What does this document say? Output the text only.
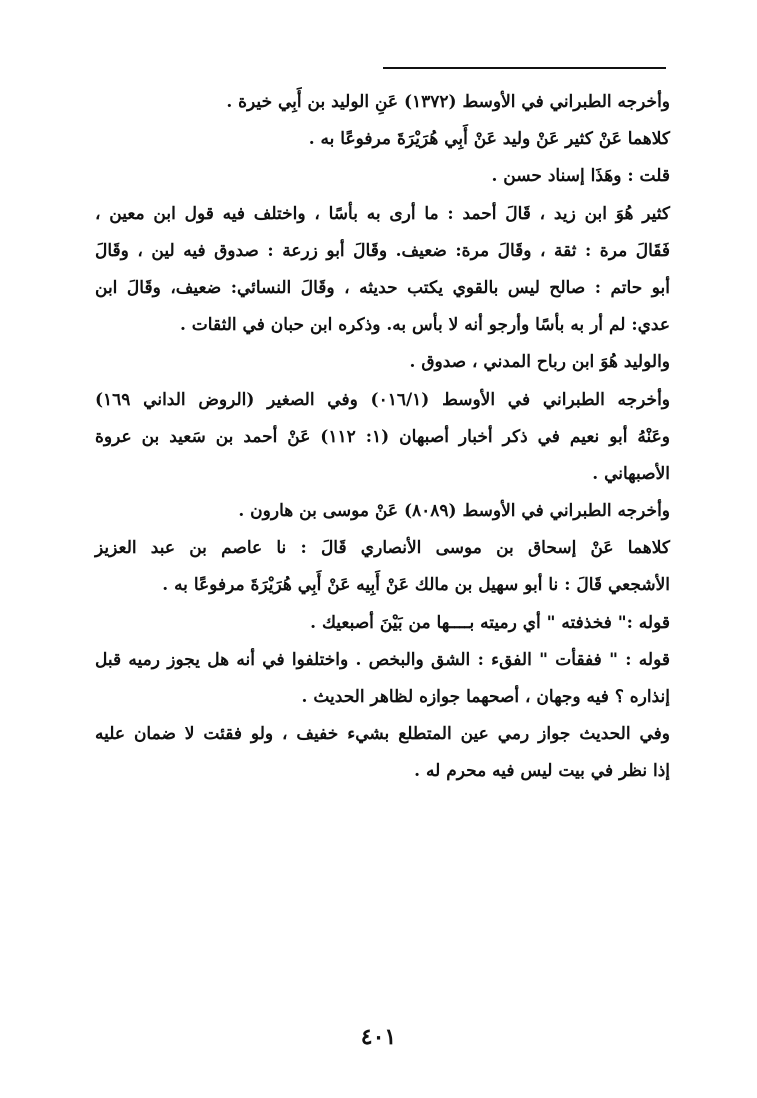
وأخرجه الطبراني في الأوسط (١٣٧٢) عَنِ الوليد بن أَبِي خيرة .
كلاهما عَنْ كثير عَنْ وليد عَنْ أَبِي هُرَيْرَةَ مرفوعًا به .
قلت : وهَذَا إسناد حسن .
كثير هُوَ ابن زيد ، قَالَ أحمد : ما أرى به بأسًا ، واختلف فيه قول ابن معين ،
فَقَالَ مرة : ثقة ، وقَالَ مرة: ضعيف. وقَالَ أبو زرعة : صدوق فيه لين ، وقَالَ
أبو حاتم : صالح ليس بالقوي يكتب حديثه ، وقَالَ النسائي: ضعيف، وقَالَ ابن
عدي: لم أر به بأسًا وأرجو أنه لا بأس به. وذكره ابن حبان في الثقات .
والوليد هُوَ ابن رباح المدني ، صدوق .
وأخرجه الطبراني في الأوسط (٠١٦/١) وفي الصغير (الروض الداني ١٦٩)
وعَنْهُ أبو نعيم في ذكر أخبار أصبهان (١: ١١٢) عَنْ أحمد بن سَعيد بن عروة
الأصبهاني .
وأخرجه الطبراني في الأوسط (٨٠٨٩) عَنْ موسى بن هارون .
كلاهما عَنْ إسحاق بن موسى الأنصاري قَالَ : نا عاصم بن عبد العزيز
الأشجعي قَالَ : نا أبو سهيل بن مالك عَنْ أَبِيه عَنْ أَبِي هُرَيْرَةَ مرفوعًا به .
قوله :" فخذفته " أي رميته بــــها من بَيْنَ أصبعيك .
قوله : " ففقأت " الفقء : الشق والبخص . واختلفوا في أنه هل يجوز رميه قبل
إنذاره ؟ فيه وجهان ، أصحهما جوازه لظاهر الحديث .
وفي الحديث جواز رمي عين المتطلع بشيء خفيف ، ولو فقئت لا ضمان عليه
إذا نظر في بيت ليس فيه محرم له .
٤٠١
